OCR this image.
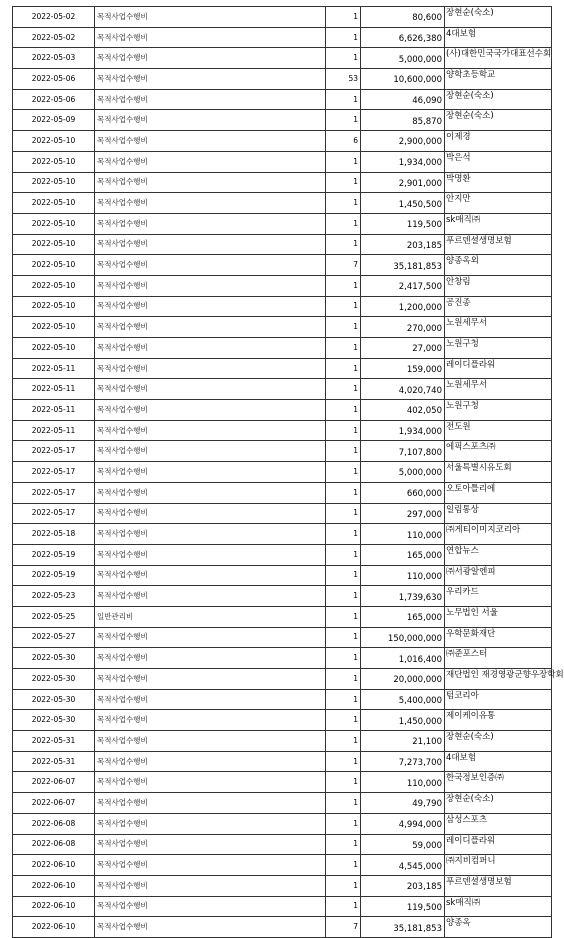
2022-05-02	목적사업수행비	1	80,600	장현순(숙소)
2022-05-02	목적사업수행비	1	6,626,380	4대보험
2022-05-03	목적사업수행비	1	5,000,000	(사)대한민국국가대표선수회
2022-05-06	목적사업수행비	53	10,600,000	양학초등학교
2022-05-06	목적사업수행비	1	46,090	장현순(숙소)
2022-05-09	목적사업수행비	1	85,870	장현순(숙소)
2022-05-10	목적사업수행비	6	2,900,000	이제경
2022-05-10	목적사업수행비	1	1,934,000	박은석
2022-05-10	목적사업수행비	1	2,901,000	박명환
2022-05-10	목적사업수행비	1	1,450,500	안지만
2022-05-10	목적사업수행비	1	119,500	sk매직㈜
2022-05-10	목적사업수행비	1	203,185	푸르덴셜생명보험
2022-05-10	목적사업수행비	7	35,181,853	양종옥외
2022-05-10	목적사업수행비	1	2,417,500	안창림
2022-05-10	목적사업수행비	1	1,200,000	공진종
2022-05-10	목적사업수행비	1	270,000	노원세무서
2022-05-10	목적사업수행비	1	27,000	노원구청
2022-05-11	목적사업수행비	1	159,000	레이디플라워
2022-05-11	목적사업수행비	1	4,020,740	노원세무서
2022-05-11	목적사업수행비	1	402,050	노원구청
2022-05-11	목적사업수행비	1	1,934,000	전도원
2022-05-17	목적사업수행비	1	7,107,800	에픽스포츠㈜
2022-05-17	목적사업수행비	1	5,000,000	서울특별시유도회
2022-05-17	목적사업수행비	1	660,000	오토아틀리에
2022-05-17	목적사업수행비	1	297,000	일림통상
2022-05-18	목적사업수행비	1	110,000	㈜게티이미지코리아
2022-05-19	목적사업수행비	1	165,000	연합뉴스
2022-05-19	목적사업수행비	1	110,000	㈜서광알엔피
2022-05-23	목적사업수행비	1	1,739,630	우리카드
2022-05-25	일반관리비	1	165,000	노무법인 서울
2022-05-27	목적사업수행비	1	150,000,000	우학문화재단
2022-05-30	목적사업수행비	1	1,016,400	㈜준포스터
2022-05-30	목적사업수행비	1	20,000,000	재단법인 재경영광군향우장학회
2022-05-30	목적사업수행비	1	5,400,000	텀코리아
2022-05-30	목적사업수행비	1	1,450,000	제이케이유통
2022-05-31	목적사업수행비	1	21,100	장현순(숙소)
2022-05-31	목적사업수행비	1	7,273,700	4대보험
2022-06-07	목적사업수행비	1	110,000	한국정보인증㈜
2022-06-07	목적사업수행비	1	49,790	장현순(숙소)
2022-06-08	목적사업수행비	1	4,994,000	삼성스포츠
2022-06-08	목적사업수행비	1	59,000	레이디플라워
2022-06-10	목적사업수행비	1	4,545,000	㈜지비컴퍼니
2022-06-10	목적사업수행비	1	203,185	푸르덴셜생명보험
2022-06-10	목적사업수행비	1	119,500	sk매직㈜
2022-06-10	목적사업수행비	7	35,181,853	양종옥
